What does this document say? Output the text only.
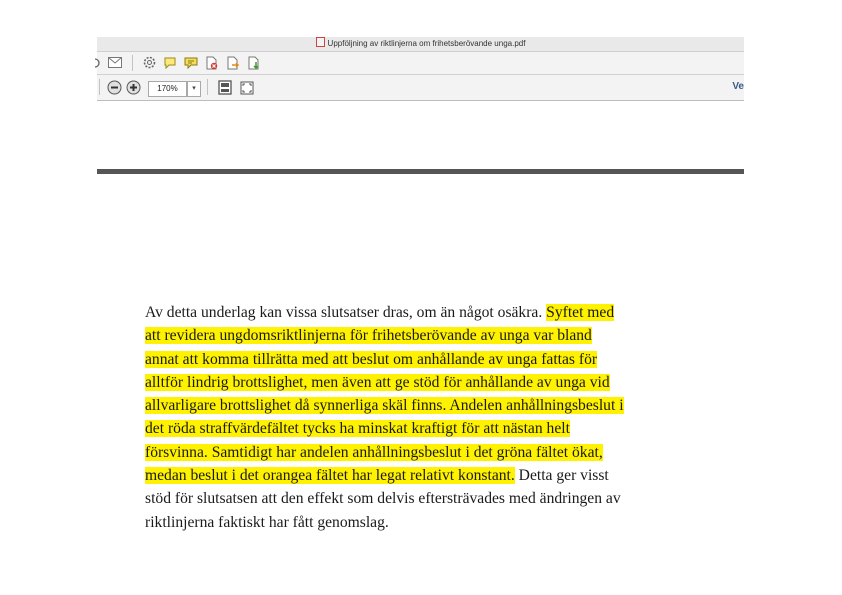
Uppföljning av riktlinjerna om frihetsberövande unga.pdf
170%	▾	Ve
Av detta underlag kan vissa slutsatser dras, om än något osäkra. Syftet med
att revidera ungdomsriktlinjerna för frihetsberövande av unga var bland
annat att komma tillrätta med att beslut om anhållande av unga fattas för
alltför lindrig brottslighet, men även att ge stöd för anhållande av unga vid
allvarligare brottslighet då synnerliga skäl finns. Andelen anhållningsbeslut i
det röda straffvärdefältet tycks ha minskat kraftigt för att nästan helt
försvinna. Samtidigt har andelen anhållningsbeslut i det gröna fältet ökat,
medan beslut i det orangea fältet har legat relativt konstant. Detta ger visst
stöd för slutsatsen att den effekt som delvis eftersträvades med ändringen av
riktlinjerna faktiskt har fått genomslag.
